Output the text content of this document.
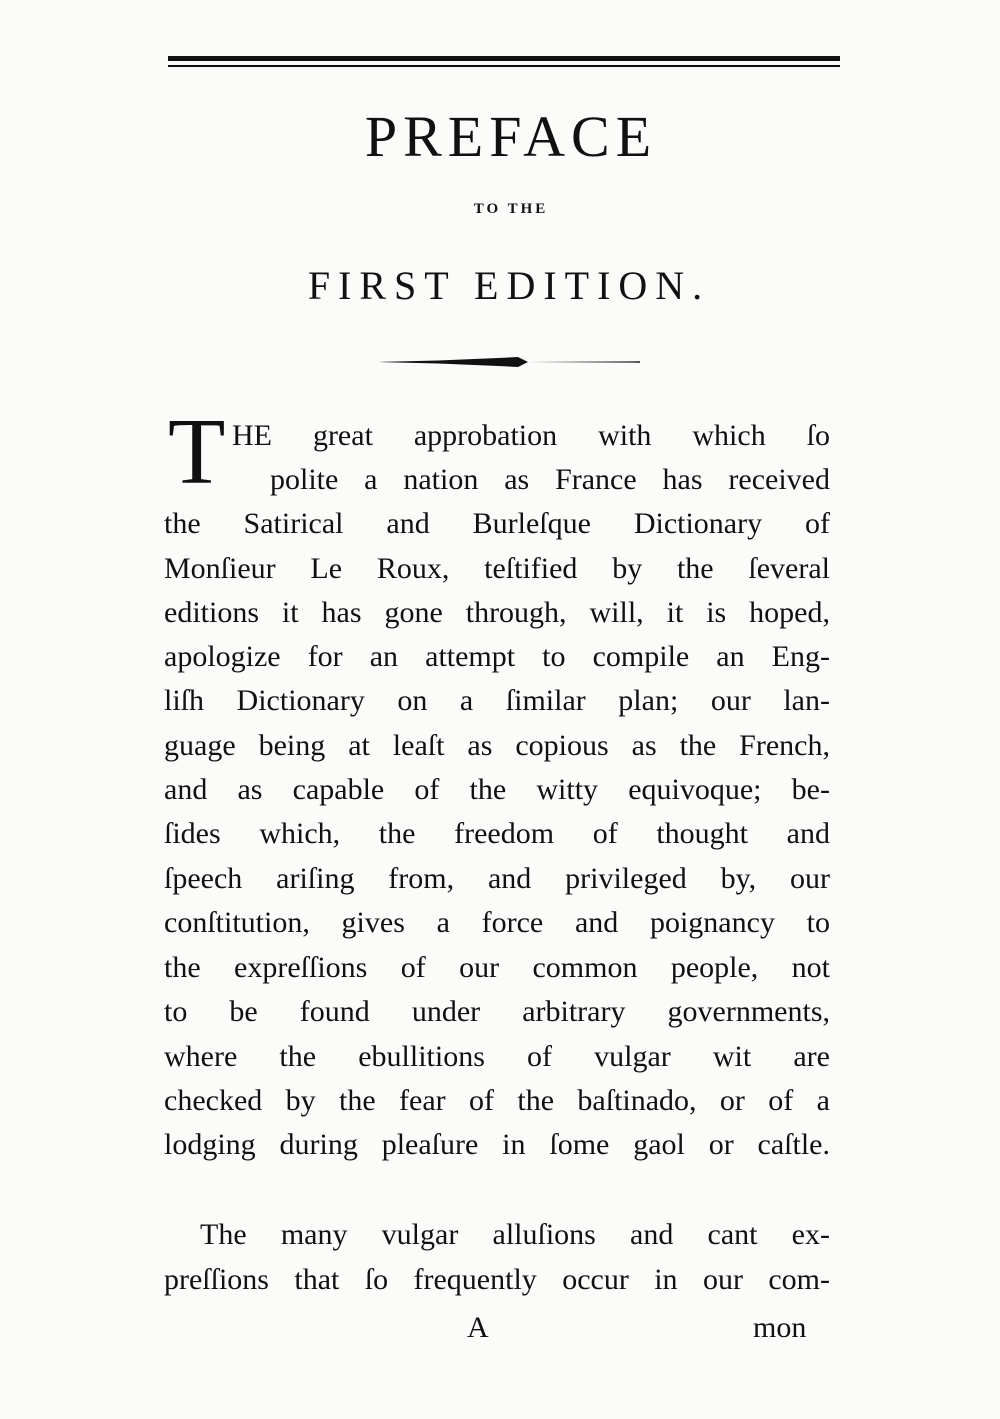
PREFACE
TO THE
FIRST EDITION.
T HE great approbation with which ſo
polite a nation as France has received
the Satirical and Burleſque Dictionary of
Monſieur Le Roux, teſtified by the ſeveral
editions it has gone through, will, it is hoped,
apologize for an attempt to compile an Eng-
liſh Dictionary on a ſimilar plan; our lan-
guage being at leaſt as copious as the French,
and as capable of the witty equivoque; be-
ſides which, the freedom of thought and
ſpeech ariſing from, and privileged by, our
conſtitution, gives a force and poignancy to
the expreſſions of our common people, not
to be found under arbitrary governments,
where the ebullitions of vulgar wit are
checked by the fear of the baſtinado, or of a
lodging during pleaſure in ſome gaol or caſtle.
The many vulgar alluſions and cant ex-
preſſions that ſo frequently occur in our com-
A	mon
